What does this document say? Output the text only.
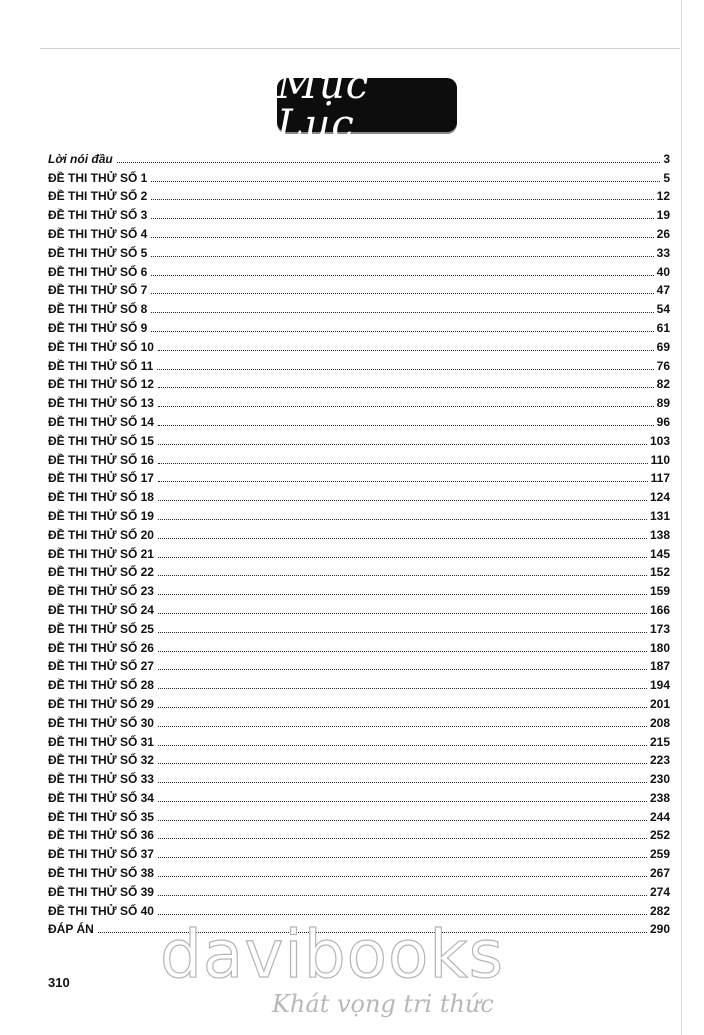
Mục Lục
Lời nói đầu	3
ĐỀ THI THỬ SỐ 1	5
ĐỀ THI THỬ SỐ 2	12
ĐỀ THI THỬ SỐ 3	19
ĐỀ THI THỬ SỐ 4	26
ĐỀ THI THỬ SỐ 5	33
ĐỀ THI THỬ SỐ 6	40
ĐỀ THI THỬ SỐ 7	47
ĐỀ THI THỬ SỐ 8	54
ĐỀ THI THỬ SỐ 9	61
ĐỀ THI THỬ SỐ 10	69
ĐỀ THI THỬ SỐ 11	76
ĐỀ THI THỬ SỐ 12	82
ĐỀ THI THỬ SỐ 13	89
ĐỀ THI THỬ SỐ 14	96
ĐỀ THI THỬ SỐ 15	103
ĐỀ THI THỬ SỐ 16	110
ĐỀ THI THỬ SỐ 17	117
ĐỀ THI THỬ SỐ 18	124
ĐỀ THI THỬ SỐ 19	131
ĐỀ THI THỬ SỐ 20	138
ĐỀ THI THỬ SỐ 21	145
ĐỀ THI THỬ SỐ 22	152
ĐỀ THI THỬ SỐ 23	159
ĐỀ THI THỬ SỐ 24	166
ĐỀ THI THỬ SỐ 25	173
ĐỀ THI THỬ SỐ 26	180
ĐỀ THI THỬ SỐ 27	187
ĐỀ THI THỬ SỐ 28	194
ĐỀ THI THỬ SỐ 29	201
ĐỀ THI THỬ SỐ 30	208
ĐỀ THI THỬ SỐ 31	215
ĐỀ THI THỬ SỐ 32	223
ĐỀ THI THỬ SỐ 33	230
ĐỀ THI THỬ SỐ 34	238
ĐỀ THI THỬ SỐ 35	244
ĐỀ THI THỬ SỐ 36	252
ĐỀ THI THỬ SỐ 37	259
ĐỀ THI THỬ SỐ 38	267
ĐỀ THI THỬ SỐ 39	274
ĐỀ THI THỬ SỐ 40	282
ĐÁP ÁN	290
310 davibooks
Khát vọng tri thức
